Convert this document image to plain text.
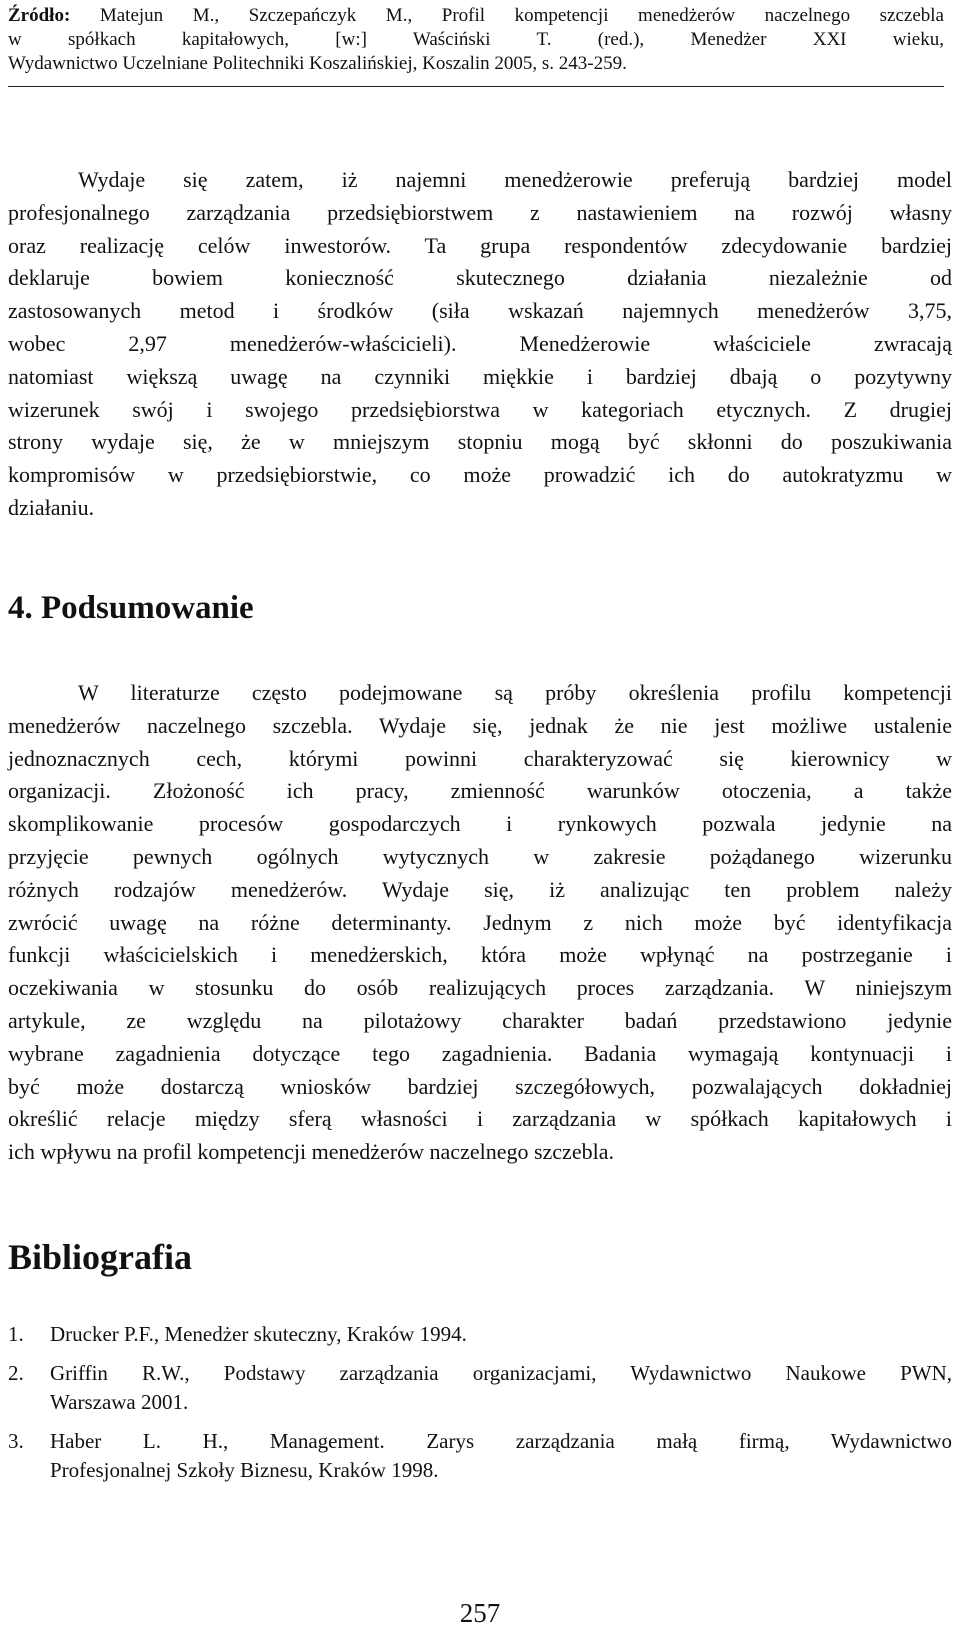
Źródło: Matejun M., Szczepańczyk M., Profil kompetencji menedżerów naczelnego szczebla
w spółkach kapitałowych, [w:] Waściński T. (red.), Menedżer XXI wieku,
Wydawnictwo Uczelniane Politechniki Koszalińskiej, Koszalin 2005, s. 243-259.
Wydaje się zatem, iż najemni menedżerowie preferują bardziej model
profesjonalnego zarządzania przedsiębiorstwem z nastawieniem na rozwój własny
oraz realizację celów inwestorów. Ta grupa respondentów zdecydowanie bardziej
deklaruje bowiem konieczność skutecznego działania niezależnie od
zastosowanych metod i środków (siła wskazań najemnych menedżerów 3,75,
wobec 2,97 menedżerów-właścicieli). Menedżerowie właściciele zwracają
natomiast większą uwagę na czynniki miękkie i bardziej dbają o pozytywny
wizerunek swój i swojego przedsiębiorstwa w kategoriach etycznych. Z drugiej
strony wydaje się, że w mniejszym stopniu mogą być skłonni do poszukiwania
kompromisów w przedsiębiorstwie, co może prowadzić ich do autokratyzmu w
działaniu.
4. Podsumowanie
W literaturze często podejmowane są próby określenia profilu kompetencji
menedżerów naczelnego szczebla. Wydaje się, jednak że nie jest możliwe ustalenie
jednoznacznych cech, którymi powinni charakteryzować się kierownicy w
organizacji. Złożoność ich pracy, zmienność warunków otoczenia, a także
skomplikowanie procesów gospodarczych i rynkowych pozwala jedynie na
przyjęcie pewnych ogólnych wytycznych w zakresie pożądanego wizerunku
różnych rodzajów menedżerów. Wydaje się, iż analizując ten problem należy
zwrócić uwagę na różne determinanty. Jednym z nich może być identyfikacja
funkcji właścicielskich i menedżerskich, która może wpłynąć na postrzeganie i
oczekiwania w stosunku do osób realizujących proces zarządzania. W niniejszym
artykule, ze względu na pilotażowy charakter badań przedstawiono jedynie
wybrane zagadnienia dotyczące tego zagadnienia. Badania wymagają kontynuacji i
być może dostarczą wniosków bardziej szczegółowych, pozwalających dokładniej
określić relacje między sferą własności i zarządzania w spółkach kapitałowych i
ich wpływu na profil kompetencji menedżerów naczelnego szczebla.
Bibliografia
1. Drucker P.F., Menedżer skuteczny, Kraków 1994.
2. Griffin R.W., Podstawy zarządzania organizacjami, Wydawnictwo Naukowe PWN,
Warszawa 2001.
3. Haber L. H., Management. Zarys zarządzania małą firmą, Wydawnictwo
Profesjonalnej Szkoły Biznesu, Kraków 1998.
257
